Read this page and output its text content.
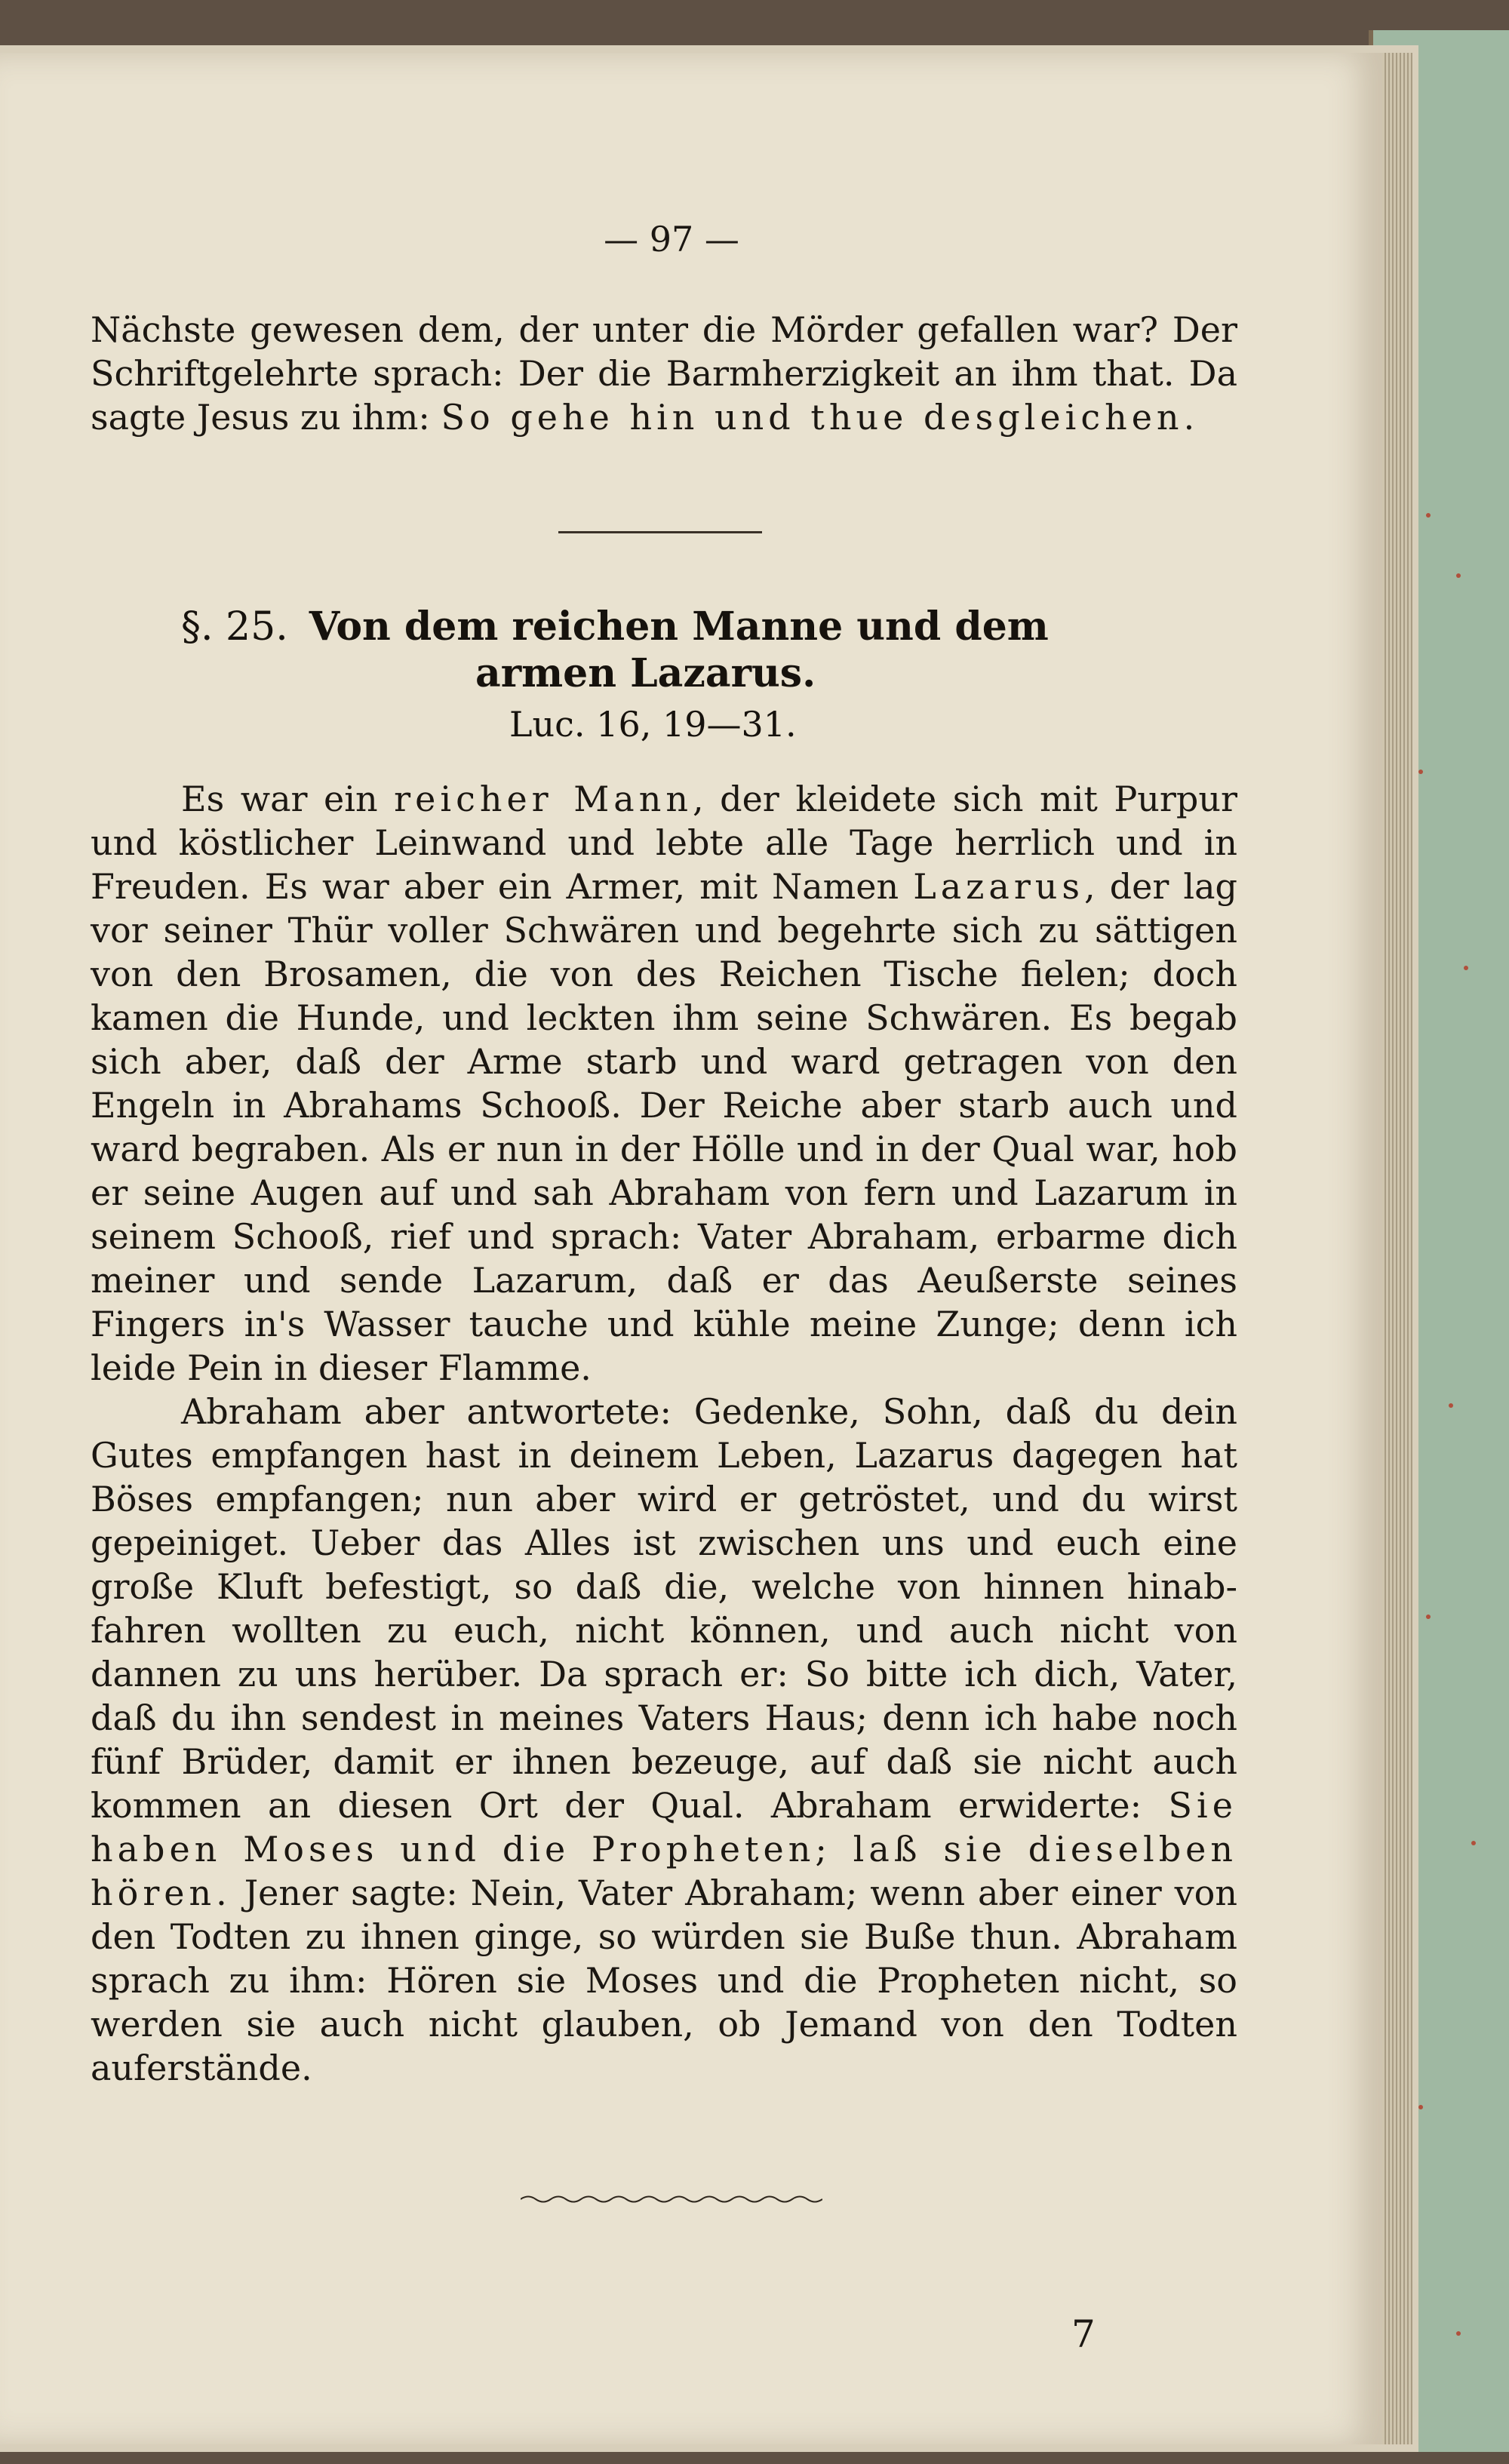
— 97 —

Nächste gewesen dem, der unter die Mörder gefallen war? Der Schriftgelehrte sprach: Der die Barmherzigkeit an ihm that. Da sagte Jesus zu ihm: So gehe hin und thue desgleichen.

§. 25. Von dem reichen Manne und dem
armen Lazarus.
Luc. 16, 19—31.

Es war ein reicher Mann, der kleidete sich mit Purpur und köstlicher Leinwand und lebte alle Tage herrlich und in Freuden. Es war aber ein Armer, mit Namen Lazarus, der lag vor seiner Thür voller Schwären und begehrte sich zu sättigen von den Brosamen, die von des Reichen Tische fielen; doch kamen die Hunde, und leckten ihm seine Schwären. Es begab sich aber, daß der Arme starb und ward getragen von den Engeln in Abrahams Schooß. Der Reiche aber starb auch und ward begraben. Als er nun in der Hölle und in der Qual war, hob er seine Augen auf und sah Abraham von fern und Lazarum in seinem Schooß, rief und sprach: Vater Abraham, erbarme dich meiner und sende Lazarum, daß er das Aeußerste seines Fingers in's Wasser tauche und kühle meine Zunge; denn ich leide Pein in dieser Flamme.

Abraham aber antwortete: Gedenke, Sohn, daß du dein Gutes empfangen hast in deinem Leben, Lazarus dagegen hat Böses empfangen; nun aber wird er getröstet, und du wirst gepeiniget. Ueber das Alles ist zwischen uns und euch eine große Kluft befestigt, so daß die, welche von hinnen hinab-fahren wollten zu euch, nicht können, und auch nicht von dannen zu uns herüber. Da sprach er: So bitte ich dich, Vater, daß du ihn sendest in meines Vaters Haus; denn ich habe noch fünf Brüder, damit er ihnen bezeuge, auf daß sie nicht auch kommen an diesen Ort der Qual. Abraham erwiderte: Sie haben Moses und die Propheten; laß sie dieselben hören. Jener sagte: Nein, Vater Abraham; wenn aber einer von den Todten zu ihnen ginge, so würden sie Buße thun. Abraham sprach zu ihm: Hören sie Moses und die Propheten nicht, so werden sie auch nicht glauben, ob Jemand von den Todten auferstände.

7
